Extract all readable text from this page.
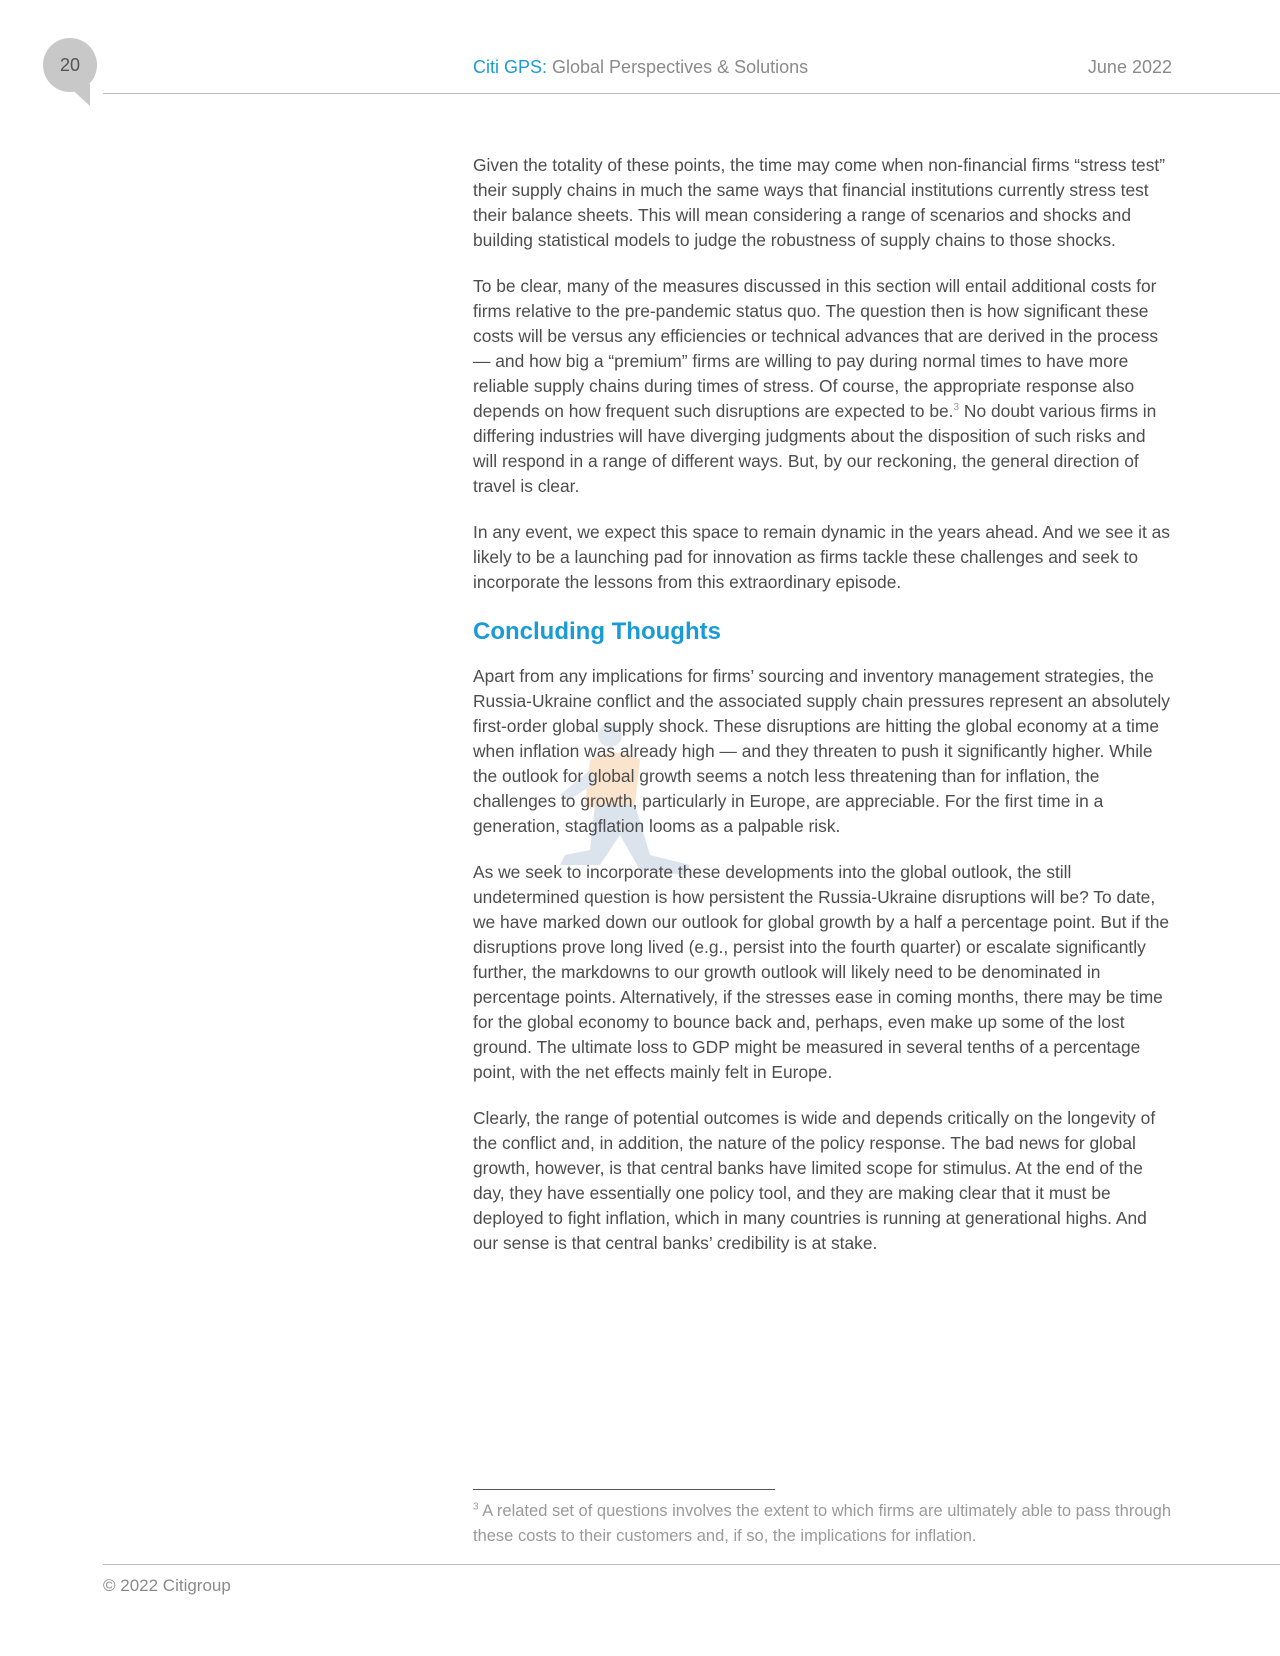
20	Citi GPS: Global Perspectives & Solutions	June 2022

Given the totality of these points, the time may come when non-financial firms “stress test” their supply chains in much the same ways that financial institutions currently stress test their balance sheets. This will mean considering a range of scenarios and shocks and building statistical models to judge the robustness of supply chains to those shocks.

To be clear, many of the measures discussed in this section will entail additional costs for firms relative to the pre-pandemic status quo. The question then is how significant these costs will be versus any efficiencies or technical advances that are derived in the process — and how big a “premium” firms are willing to pay during normal times to have more reliable supply chains during times of stress. Of course, the appropriate response also depends on how frequent such disruptions are expected to be.$^3$ No doubt various firms in differing industries will have diverging judgments about the disposition of such risks and will respond in a range of different ways. But, by our reckoning, the general direction of travel is clear.

In any event, we expect this space to remain dynamic in the years ahead. And we see it as likely to be a launching pad for innovation as firms tackle these challenges and seek to incorporate the lessons from this extraordinary episode.

Concluding Thoughts

Apart from any implications for firms’ sourcing and inventory management strategies, the Russia-Ukraine conflict and the associated supply chain pressures represent an absolutely first-order global supply shock. These disruptions are hitting the global economy at a time when inflation was already high — and they threaten to push it significantly higher. While the outlook for global growth seems a notch less threatening than for inflation, the challenges to growth, particularly in Europe, are appreciable. For the first time in a generation, stagflation looms as a palpable risk.

As we seek to incorporate these developments into the global outlook, the still undetermined question is how persistent the Russia-Ukraine disruptions will be? To date, we have marked down our outlook for global growth by a half a percentage point. But if the disruptions prove long lived (e.g., persist into the fourth quarter) or escalate significantly further, the markdowns to our growth outlook will likely need to be denominated in percentage points. Alternatively, if the stresses ease in coming months, there may be time for the global economy to bounce back and, perhaps, even make up some of the lost ground. The ultimate loss to GDP might be measured in several tenths of a percentage point, with the net effects mainly felt in Europe.

Clearly, the range of potential outcomes is wide and depends critically on the longevity of the conflict and, in addition, the nature of the policy response. The bad news for global growth, however, is that central banks have limited scope for stimulus. At the end of the day, they have essentially one policy tool, and they are making clear that it must be deployed to fight inflation, which in many countries is running at generational highs. And our sense is that central banks’ credibility is at stake.

$^3$ A related set of questions involves the extent to which firms are ultimately able to pass through these costs to their customers and, if so, the implications for inflation.
© 2022 Citigroup
